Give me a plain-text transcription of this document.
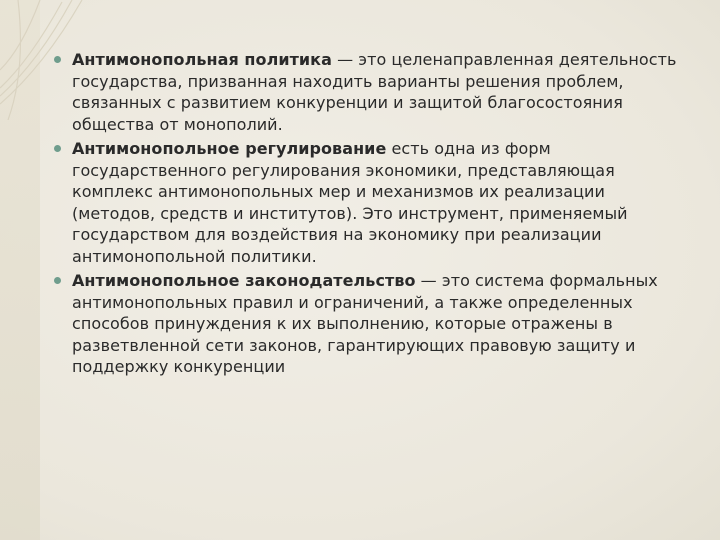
Антимонопольная политика — это целенаправленная деятельность государства, призванная находить варианты решения проблем, связанных с развитием конкуренции и защитой благосостояния общества от монополий.
Антимонопольное регулирование есть одна из форм государственного регулирования экономики, представляющая комплекс антимонопольных мер и механизмов их реализации (методов, средств и институтов). Это инструмент, применяемый государством для воздействия на экономику при реализации антимонопольной политики.
Антимонопольное законодательство — это система формальных антимонопольных правил и ограничений, а также определенных способов принуждения к их выполнению, которые отражены в разветвленной сети законов, гарантирующих правовую защиту и поддержку конкуренции
